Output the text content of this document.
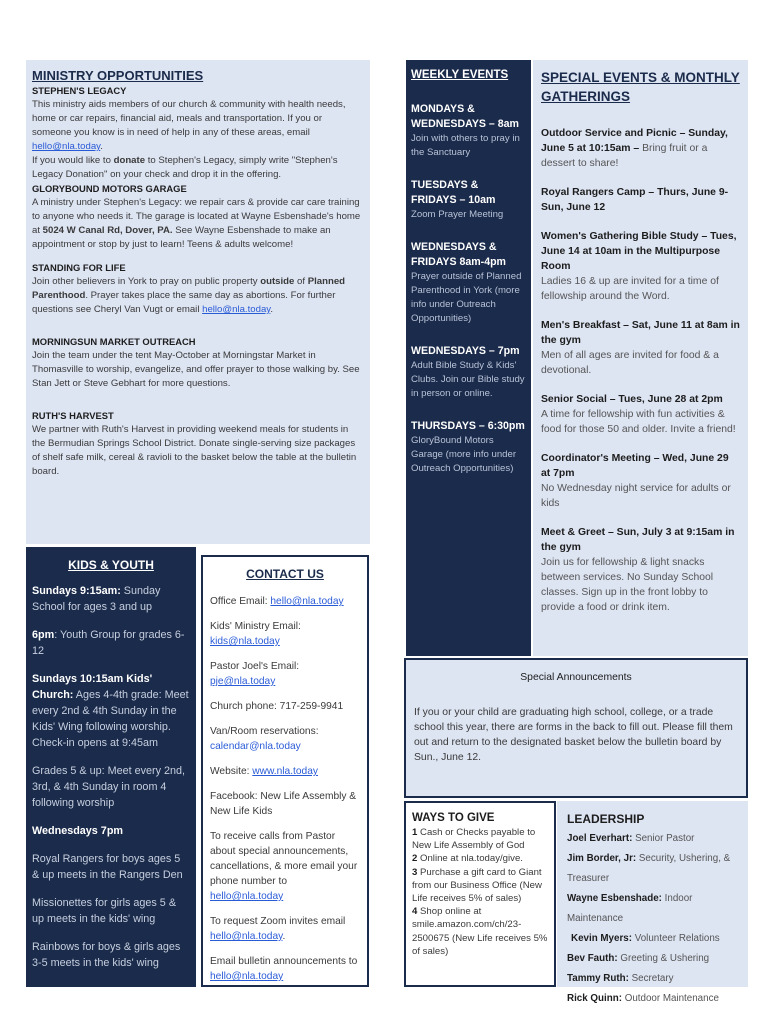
MINISTRY OPPORTUNITIES
STEPHEN'S LEGACY

This ministry aids members of our church & community with health needs, home or car repairs, financial aid, meals and transportation. If you or someone you know is in need of help in any of these areas, email hello@nla.today.

If you would like to donate to Stephen's Legacy, simply write "Stephen's Legacy Donation" on your check and drop it in the offering.

GLORYBOUND MOTORS GARAGE

A ministry under Stephen's Legacy: we repair cars & provide car care training to anyone who needs it. The garage is located at Wayne Esbenshade's home at 5024 W Canal Rd, Dover, PA. See Wayne Esbenshade to make an appointment or stop by just to learn! Teens & adults welcome!

STANDING FOR LIFE

Join other believers in York to pray on public property outside of Planned Parenthood. Prayer takes place the same day as abortions. For further questions see Cheryl Van Vugt or email hello@nla.today.

MORNINGSUN MARKET OUTREACH

Join the team under the tent May-October at Morningstar Market in Thomasville to worship, evangelize, and offer prayer to those walking by. See Stan Jett or Steve Gebhart for more questions.

RUTH'S HARVEST

We partner with Ruth's Harvest in providing weekend meals for students in the Bermudian Springs School District. Donate single-serving size packages of shelf safe milk, cereal & ravioli to the basket below the table at the bulletin board.

KIDS & YOUTH
Sundays 9:15am: Sunday School for ages 3 and up
6pm: Youth Group for grades 6-12
Sundays 10:15am Kids' Church: Ages 4-4th grade: Meet every 2nd & 4th Sunday in the Kids' Wing following worship. Check-in opens at 9:45am
Grades 5 & up: Meet every 2nd, 3rd, & 4th Sunday in room 4 following worship
Wednesdays 7pm
Royal Rangers for boys ages 5 & up meets in the Rangers Den
Missionettes for girls ages 5 & up meets in the kids' wing
Rainbows for boys & girls ages 3-5 meets in the kids' wing
CONTACT US
Office Email: hello@nla.today
Kids' Ministry Email: kids@nla.today
Pastor Joel's Email: pje@nla.today
Church phone: 717-259-9941
Van/Room reservations:
calendar@nla.today
Website: www.nla.today
Facebook: New Life Assembly & New Life Kids
To receive calls from Pastor about special announcements, cancellations, & more email your phone number to hello@nla.today
To request Zoom invites email hello@nla.today.
Email bulletin announcements to hello@nla.today
WEEKLY EVENTS
MONDAYS & WEDNESDAYS – 8am
Join with others to pray in the Sanctuary
TUESDAYS & FRIDAYS – 10am
Zoom Prayer Meeting
WEDNESDAYS & FRIDAYS 8am-4pm
Prayer outside of Planned Parenthood in York (more info under Outreach Opportunities)
WEDNESDAYS – 7pm
Adult Bible Study & Kids' Clubs. Join our Bible study in person or online.
THURSDAYS – 6:30pm
GloryBound Motors Garage (more info under Outreach Opportunities)
SPECIAL EVENTS & MONTHLY GATHERINGS
Outdoor Service and Picnic – Sunday, June 5 at 10:15am – Bring fruit or a dessert to share!
Royal Rangers Camp – Thurs, June 9- Sun, June 12
Women's Gathering Bible Study – Tues, June 14 at 10am in the Multipurpose Room
Ladies 16 & up are invited for a time of fellowship around the Word.
Men's Breakfast – Sat, June 11 at 8am in the gym
Men of all ages are invited for food & a devotional.
Senior Social – Tues, June 28 at 2pm
A time for fellowship with fun activities & food for those 50 and older. Invite a friend!
Coordinator's Meeting – Wed, June 29 at 7pm
No Wednesday night service for adults or kids
Meet & Greet – Sun, July 3 at 9:15am in the gym
Join us for fellowship & light snacks between services. No Sunday School classes. Sign up in the front lobby to provide a food or drink item.
Special Announcements
If you or your child are graduating high school, college, or a trade school this year, there are forms in the back to fill out. Please fill them out and return to the designated basket below the bulletin board by Sun., June 12.
WAYS TO GIVE
1 Cash or Checks payable to New Life Assembly of God
2 Online at nla.today/give.
3 Purchase a gift card to Giant from our Business Office (New Life receives 5% of sales)
4 Shop online at smile.amazon.com/ch/23-2500675 (New Life receives 5% of sales)
LEADERSHIP
Joel Everhart: Senior Pastor
Jim Border, Jr: Security, Ushering, & Treasurer
Wayne Esbenshade: Indoor Maintenance
Kevin Myers: Volunteer Relations
Bev Fauth: Greeting & Ushering
Tammy Ruth: Secretary
Rick Quinn: Outdoor Maintenance
